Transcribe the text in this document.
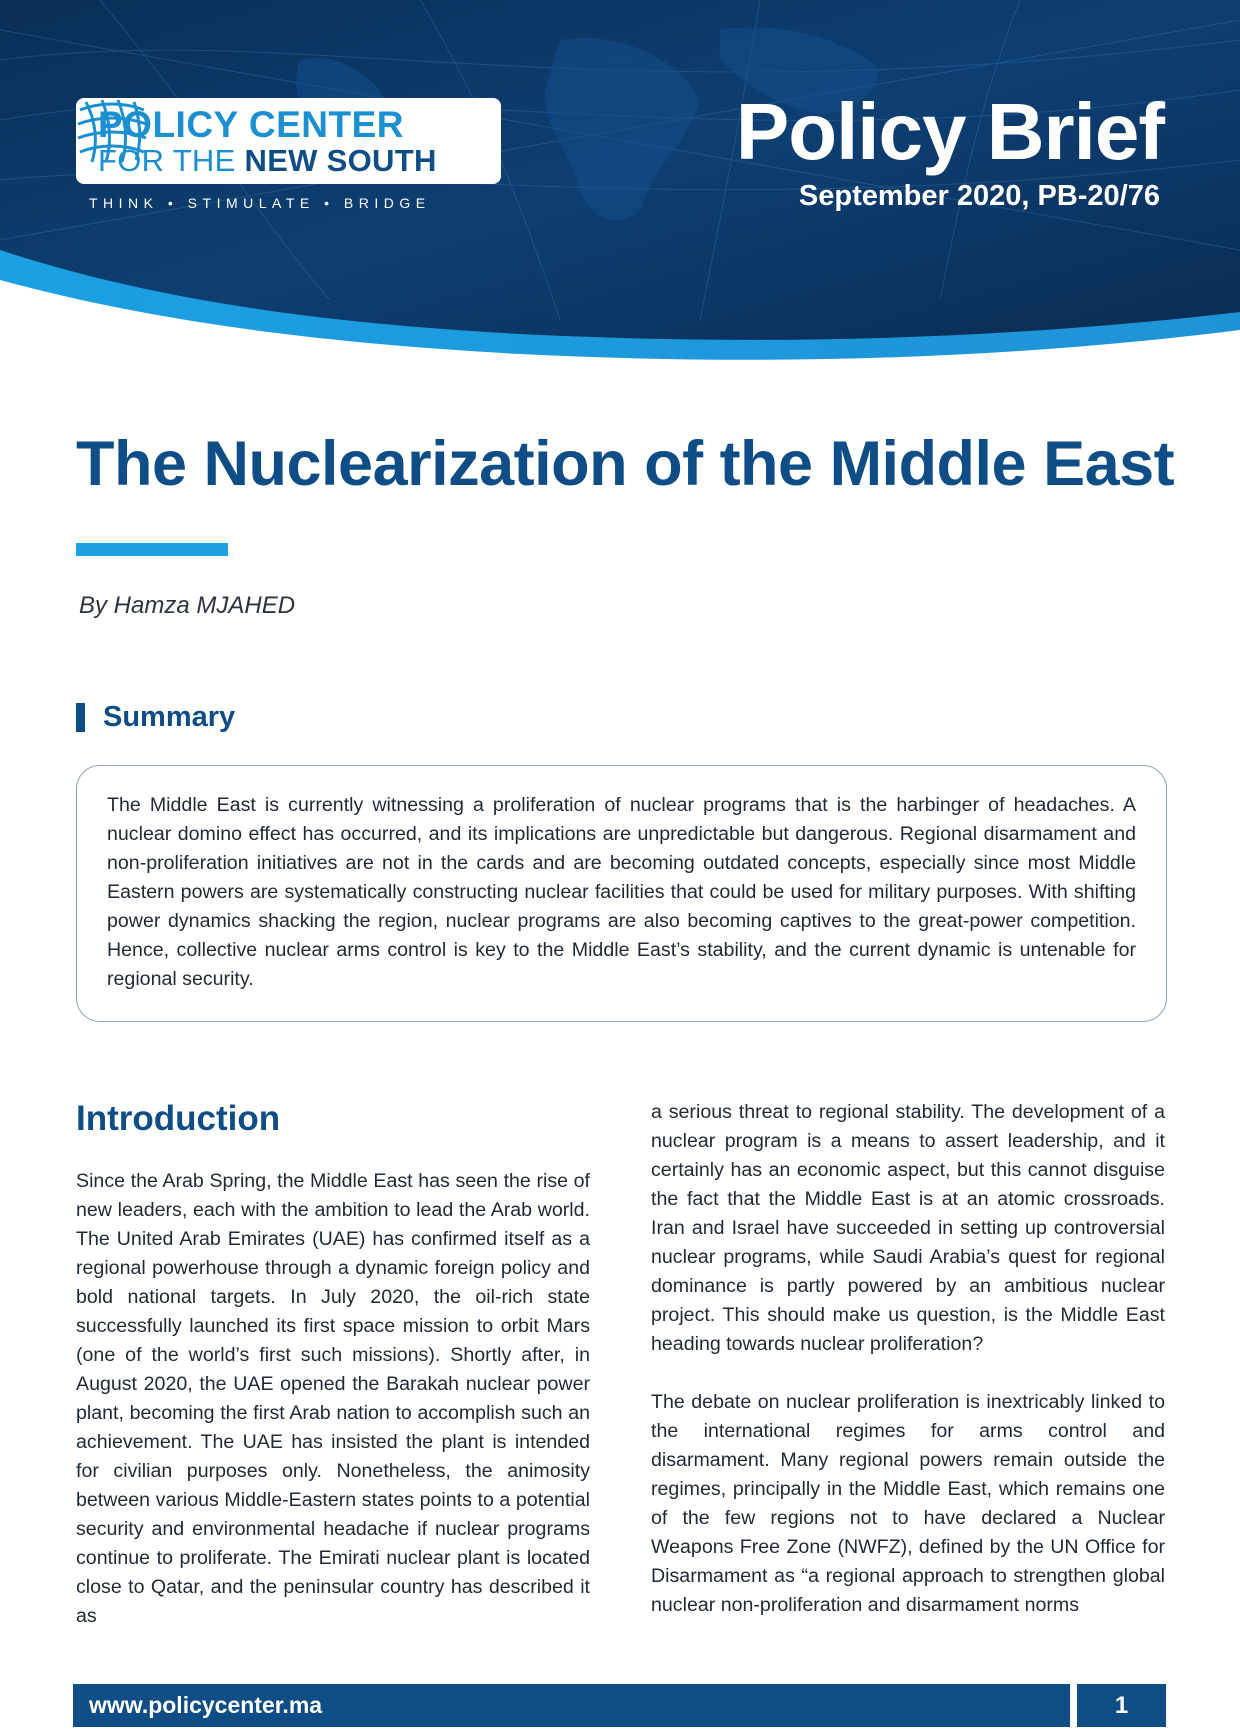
POLICY CENTER
FOR THE NEW SOUTH
THINK • STIMULATE • BRIDGE
Policy Brief
September 2020, PB-20/76
The Nuclearization of the Middle East
By Hamza MJAHED
Summary

The Middle East is currently witnessing a proliferation of nuclear programs that is the harbinger of headaches. A nuclear domino effect has occurred, and its implications are unpredictable but dangerous. Regional disarmament and non-proliferation initiatives are not in the cards and are becoming outdated concepts, especially since most Middle Eastern powers are systematically constructing nuclear facilities that could be used for military purposes. With shifting power dynamics shacking the region, nuclear programs are also becoming captives to the great-power competition. Hence, collective nuclear arms control is key to the Middle East’s stability, and the current dynamic is untenable for regional security.

Introduction

Since the Arab Spring, the Middle East has seen the rise of new leaders, each with the ambition to lead the Arab world. The United Arab Emirates (UAE) has confirmed itself as a regional powerhouse through a dynamic foreign policy and bold national targets. In July 2020, the oil-rich state successfully launched its first space mission to orbit Mars (one of the world’s first such missions). Shortly after, in August 2020, the UAE opened the Barakah nuclear power plant, becoming the first Arab nation to accomplish such an achievement. The UAE has insisted the plant is intended for civilian purposes only. Nonetheless, the animosity between various Middle-Eastern states points to a potential security and environmental headache if nuclear programs continue to proliferate. The Emirati nuclear plant is located close to Qatar, and the peninsular country has described it as

a serious threat to regional stability. The development of a nuclear program is a means to assert leadership, and it certainly has an economic aspect, but this cannot disguise the fact that the Middle East is at an atomic crossroads. Iran and Israel have succeeded in setting up controversial nuclear programs, while Saudi Arabia’s quest for regional dominance is partly powered by an ambitious nuclear project. This should make us question, is the Middle East heading towards nuclear proliferation?

The debate on nuclear proliferation is inextricably linked to the international regimes for arms control and disarmament. Many regional powers remain outside the regimes, principally in the Middle East, which remains one of the few regions not to have declared a Nuclear Weapons Free Zone (NWFZ), defined by the UN Office for Disarmament as “a regional approach to strengthen global nuclear non-proliferation and disarmament norms

www.policycenter.ma	1
